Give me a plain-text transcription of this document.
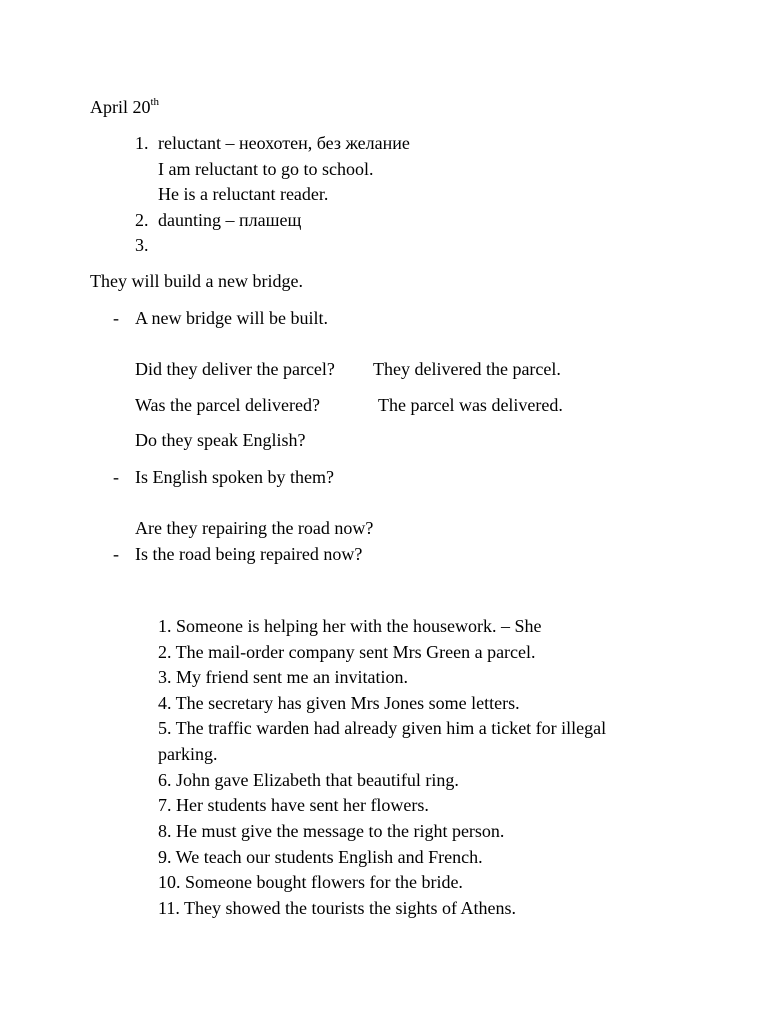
April 20th
1. reluctant – неохотен, без желание
I am reluctant to go to school.
He is a reluctant reader.
2. daunting – плашещ
3.
They will build a new bridge.
- A new bridge will be built.
Did they deliver the parcel? They delivered the parcel.
Was the parcel delivered?	The parcel was delivered.
Do they speak English?
- Is English spoken by them?
Are they repairing the road now?
- Is the road being repaired now?
1. Someone is helping her with the housework. – She
2. The mail-order company sent Mrs Green a parcel.
3. My friend sent me an invitation.
4. The secretary has given Mrs Jones some letters.
5. The traffic warden had already given him a ticket for illegal
parking.
6. John gave Elizabeth that beautiful ring.
7. Her students have sent her flowers.
8. He must give the message to the right person.
9. We teach our students English and French.
10. Someone bought flowers for the bride.
11. They showed the tourists the sights of Athens.
